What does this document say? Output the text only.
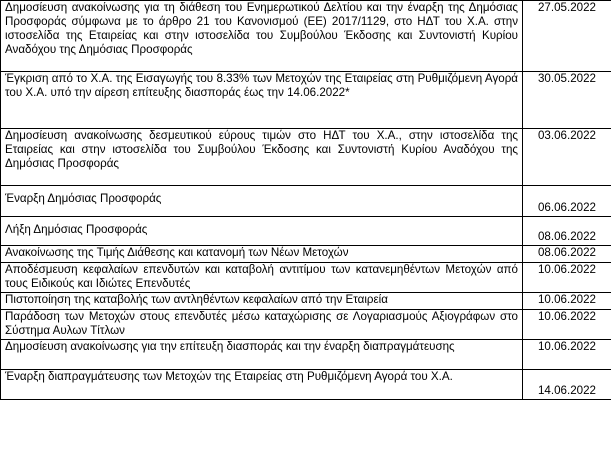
Δημοσίευση ανακοίνωσης για τη διάθεση του Ενημερωτικού Δελτίου και την έναρξη της Δημόσιας Προσφοράς σύμφωνα με το άρθρο 21 του Κανονισμού (ΕΕ) 2017/1129, στο ΗΔΤ του Χ.Α. στην ιστοσελίδα της Εταιρείας και στην ιστοσελίδα του Συμβούλου Έκδοσης και Συντονιστή Κυρίου Αναδόχου της Δημόσιας Προσφοράς	27.05.2022
Έγκριση από το Χ.Α. της Εισαγωγής του 8.33% των Μετοχών της Εταιρείας στη Ρυθμιζόμενη Αγορά του Χ.Α. υπό την αίρεση επίτευξης διασποράς έως την 14.06.2022*	30.05.2022
Δημοσίευση ανακοίνωσης δεσμευτικού εύρους τιμών στο ΗΔΤ του Χ.Α., στην ιστοσελίδα της Εταιρείας και στην ιστοσελίδα του Συμβούλου Έκδοσης και Συντονιστή Κυρίου Αναδόχου της Δημόσιας Προσφοράς	03.06.2022
Έναρξη Δημόσιας Προσφοράς	06.06.2022
Λήξη Δημόσιας Προσφοράς	08.06.2022
Ανακοίνωσης της Τιμής Διάθεσης και κατανομή των Νέων Μετοχών	08.06.2022
Αποδέσμευση κεφαλαίων επενδυτών και καταβολή αντιτίμου των κατανεμηθέντων Μετοχών από τους Ειδικούς και Ιδιώτες Επενδυτές	10.06.2022
Πιστοποίηση της καταβολής των αντληθέντων κεφαλαίων από την Εταιρεία	10.06.2022
Παράδοση των Μετοχών στους επενδυτές μέσω καταχώρισης σε Λογαριασμούς Αξιογράφων στο Σύστημα Αυλων Τίτλων	10.06.2022
Δημοσίευση ανακοίνωσης για την επίτευξη διασποράς και την έναρξη διαπραγμάτευσης	10.06.2022
Έναρξη διαπραγμάτευσης των Μετοχών της Εταιρείας στη Ρυθμιζόμενη Αγορά του Χ.Α.	14.06.2022
